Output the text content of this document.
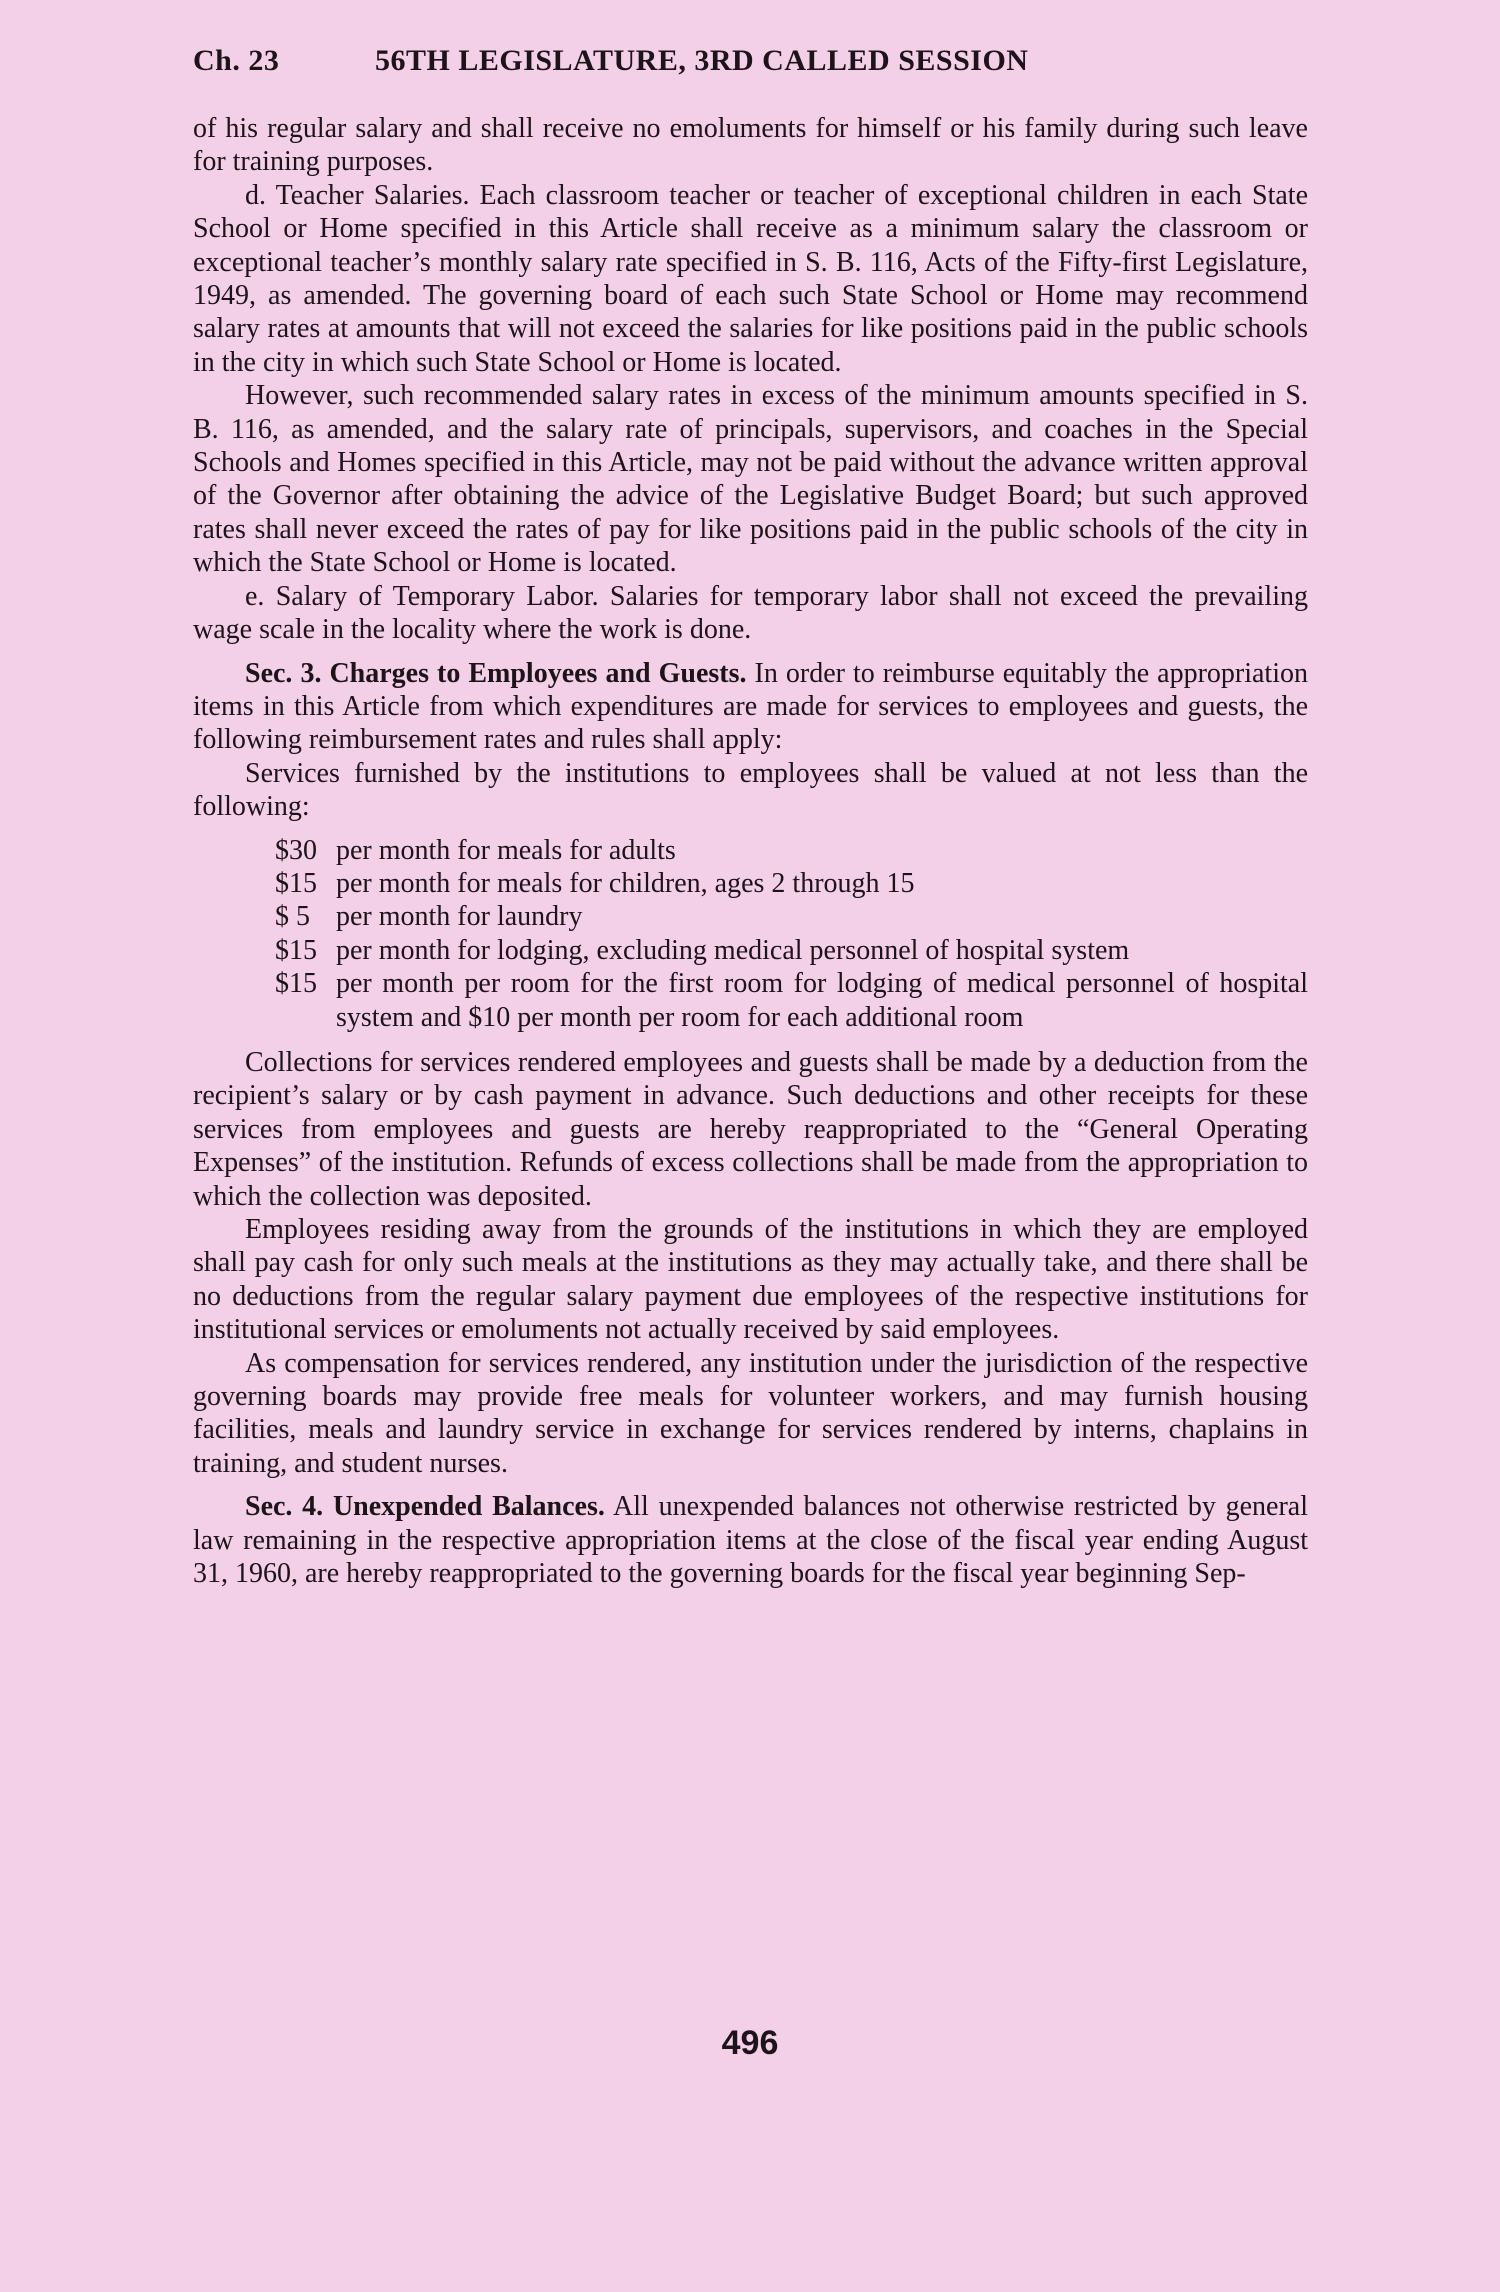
Ch. 23	56TH LEGISLATURE, 3RD CALLED SESSION

of his regular salary and shall receive no emoluments for himself or his family during such leave for training purposes.

d. Teacher Salaries. Each classroom teacher or teacher of exceptional children in each State School or Home specified in this Article shall receive as a minimum salary the classroom or exceptional teacher’s monthly salary rate specified in S. B. 116, Acts of the Fifty-first Legislature, 1949, as amended. The governing board of each such State School or Home may recommend salary rates at amounts that will not exceed the salaries for like positions paid in the public schools in the city in which such State School or Home is located.

However, such recommended salary rates in excess of the minimum amounts specified in S. B. 116, as amended, and the salary rate of principals, supervisors, and coaches in the Special Schools and Homes specified in this Article, may not be paid without the advance written approval of the Governor after obtaining the advice of the Legislative Budget Board; but such approved rates shall never exceed the rates of pay for like positions paid in the public schools of the city in which the State School or Home is located.

e. Salary of Temporary Labor. Salaries for temporary labor shall not exceed the prevailing wage scale in the locality where the work is done.

Sec. 3. Charges to Employees and Guests. In order to reimburse equitably the appropriation items in this Article from which expenditures are made for services to employees and guests, the following reimbursement rates and rules shall apply:

Services furnished by the institutions to employees shall be valued at not less than the following:

$30 per month for meals for adults
$15 per month for meals for children, ages 2 through 15
$ 5 per month for laundry
$15 per month for lodging, excluding medical personnel of hospital system
$15 per month per room for the first room for lodging of medical personnel of hospital system and $10 per month per room for each additional room

Collections for services rendered employees and guests shall be made by a deduction from the recipient’s salary or by cash payment in advance. Such deductions and other receipts for these services from employees and guests are hereby reappropriated to the “General Operating Expenses” of the institution. Refunds of excess collections shall be made from the appropriation to which the collection was deposited.

Employees residing away from the grounds of the institutions in which they are employed shall pay cash for only such meals at the institutions as they may actually take, and there shall be no deductions from the regular salary payment due employees of the respective institutions for institutional services or emoluments not actually received by said employees.

As compensation for services rendered, any institution under the jurisdiction of the respective governing boards may provide free meals for volunteer workers, and may furnish housing facilities, meals and laundry service in exchange for services rendered by interns, chaplains in training, and student nurses.

Sec. 4. Unexpended Balances. All unexpended balances not otherwise restricted by general law remaining in the respective appropriation items at the close of the fiscal year ending August 31, 1960, are hereby reappropriated to the governing boards for the fiscal year beginning Sep-

496
